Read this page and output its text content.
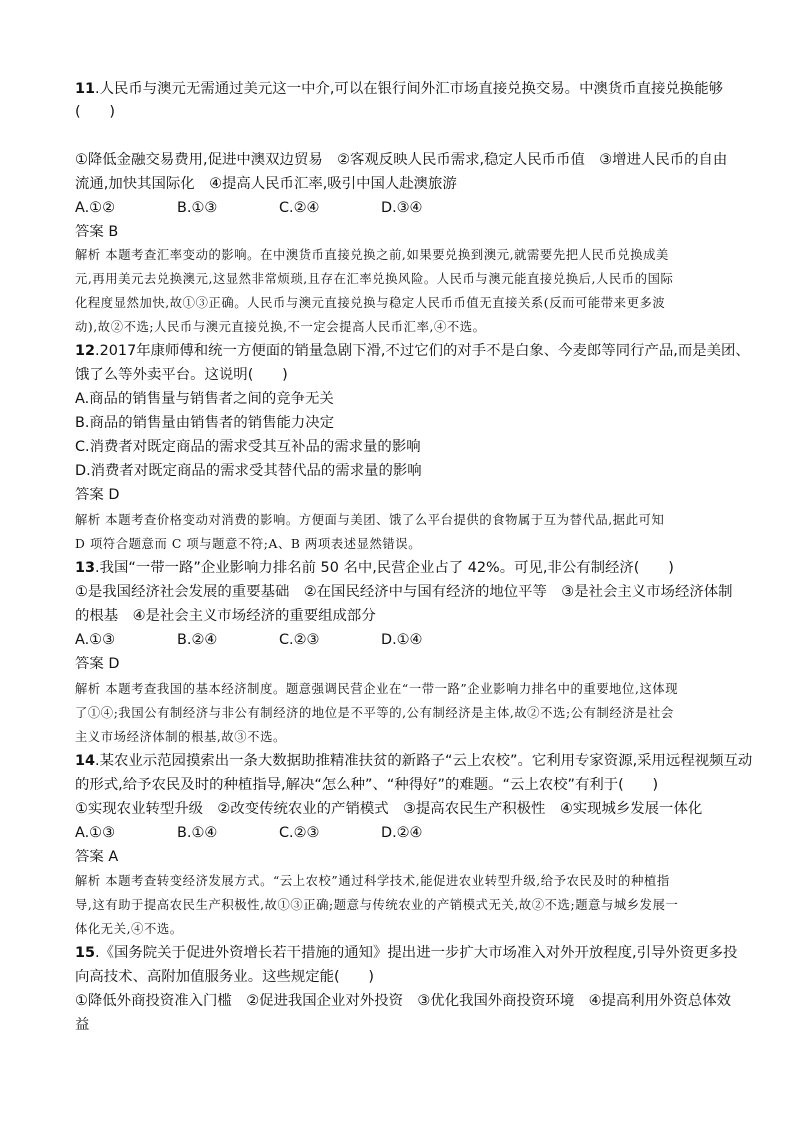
11.人民币与澳元无需通过美元这一中介,可以在银行间外汇市场直接兑换交易。中澳货币直接兑换能够
(　　)
①降低金融交易费用,促进中澳双边贸易　②客观反映人民币需求,稳定人民币币值　③增进人民币的自由
流通,加快其国际化　④提高人民币汇率,吸引中国人赴澳旅游
A.①②	B.①③	C.②④	D.③④
答案 B
解析 本题考查汇率变动的影响。在中澳货币直接兑换之前,如果要兑换到澳元,就需要先把人民币兑换成美
元,再用美元去兑换澳元,这显然非常烦琐,且存在汇率兑换风险。人民币与澳元能直接兑换后,人民币的国际
化程度显然加快,故①③正确。人民币与澳元直接兑换与稳定人民币币值无直接关系(反而可能带来更多波
动),故②不选;人民币与澳元直接兑换,不一定会提高人民币汇率,④不选。
12.2017年康师傅和统一方便面的销量急剧下滑,不过它们的对手不是白象、今麦郎等同行产品,而是美团、
饿了么等外卖平台。这说明(　　)
A.商品的销售量与销售者之间的竞争无关
B.商品的销售量由销售者的销售能力决定
C.消费者对既定商品的需求受其互补品的需求量的影响
D.消费者对既定商品的需求受其替代品的需求量的影响
答案 D
解析 本题考查价格变动对消费的影响。方便面与美团、饿了么平台提供的食物属于互为替代品,据此可知
D 项符合题意而 C 项与题意不符;A、B 两项表述显然错误。
13.我国“一带一路”企业影响力排名前 50 名中,民营企业占了 42%。可见,非公有制经济(　　)
①是我国经济社会发展的重要基础　②在国民经济中与国有经济的地位平等　③是社会主义市场经济体制
的根基　④是社会主义市场经济的重要组成部分
A.①③	B.②④	C.②③	D.①④
答案 D
解析 本题考查我国的基本经济制度。题意强调民营企业在“一带一路”企业影响力排名中的重要地位,这体现
了①④;我国公有制经济与非公有制经济的地位是不平等的,公有制经济是主体,故②不选;公有制经济是社会
主义市场经济体制的根基,故③不选。
14.某农业示范园摸索出一条大数据助推精准扶贫的新路子“云上农校”。它利用专家资源,采用远程视频互动
的形式,给予农民及时的种植指导,解决“怎么种”、“种得好”的难题。“云上农校”有利于(　　)
①实现农业转型升级　②改变传统农业的产销模式　③提高农民生产积极性　④实现城乡发展一体化
A.①③	B.①④	C.②③	D.②④
答案 A
解析 本题考查转变经济发展方式。“云上农校”通过科学技术,能促进农业转型升级,给予农民及时的种植指
导,这有助于提高农民生产积极性,故①③正确;题意与传统农业的产销模式无关,故②不选;题意与城乡发展一
体化无关,④不选。
15.《国务院关于促进外资增长若干措施的通知》提出进一步扩大市场准入对外开放程度,引导外资更多投
向高技术、高附加值服务业。这些规定能(　　)
①降低外商投资准入门槛　②促进我国企业对外投资　③优化我国外商投资环境　④提高利用外资总体效
益
